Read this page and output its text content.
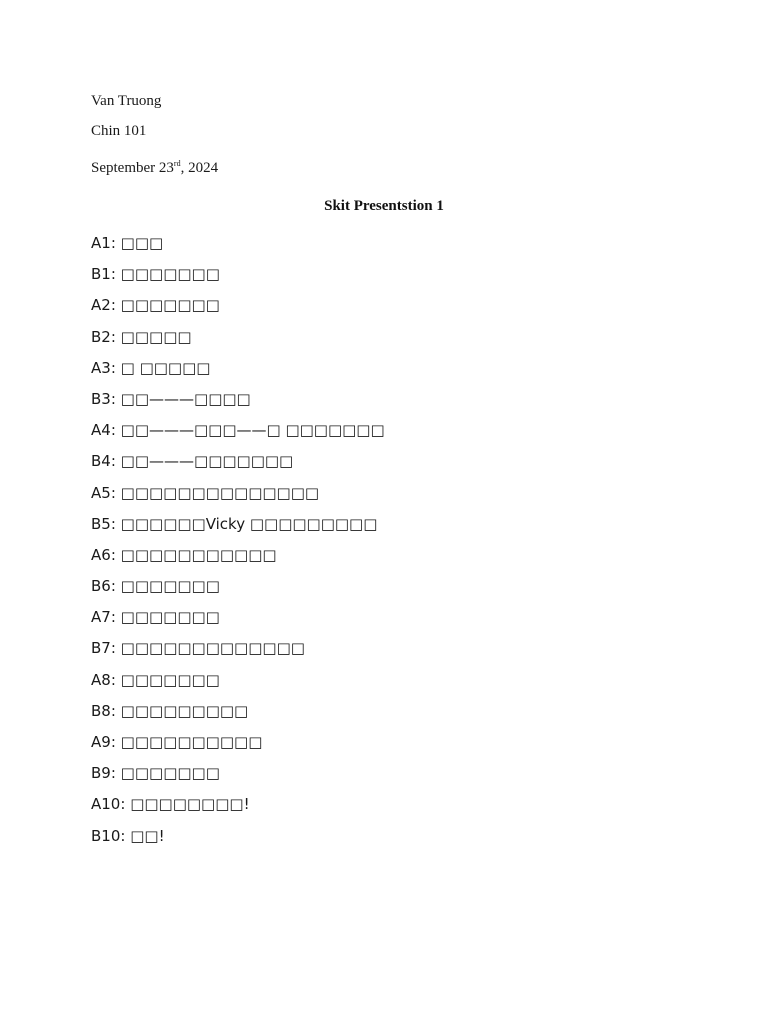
Van Truong
Chin 101
September 23rd, 2024
Skit Presentstion 1
A1 : □□□
B1 : □□□□□□□
A2 : □□□□□□□
B2 : □□□□□
A3 : □ □□□□□
B3 : □□———□□□□
A4 : □□———□□□——□ □□□□□□□
B4 : □□———□□□□□□□
A5 : □□□□□□□□□□□□□□
B5 : □□□□□□Vicky □□□□□□□□□
A6 : □□□□□□□□□□□
B6 : □□□□□□□
A7 : □□□□□□□
B7 : □□□□□□□□□□□□□
A8 : □□□□□□□
B8 : □□□□□□□□□
A9 : □□□□□□□□□□
B9 : □□□□□□□
A10 : □□□□□□□□!
B10 : □□!
